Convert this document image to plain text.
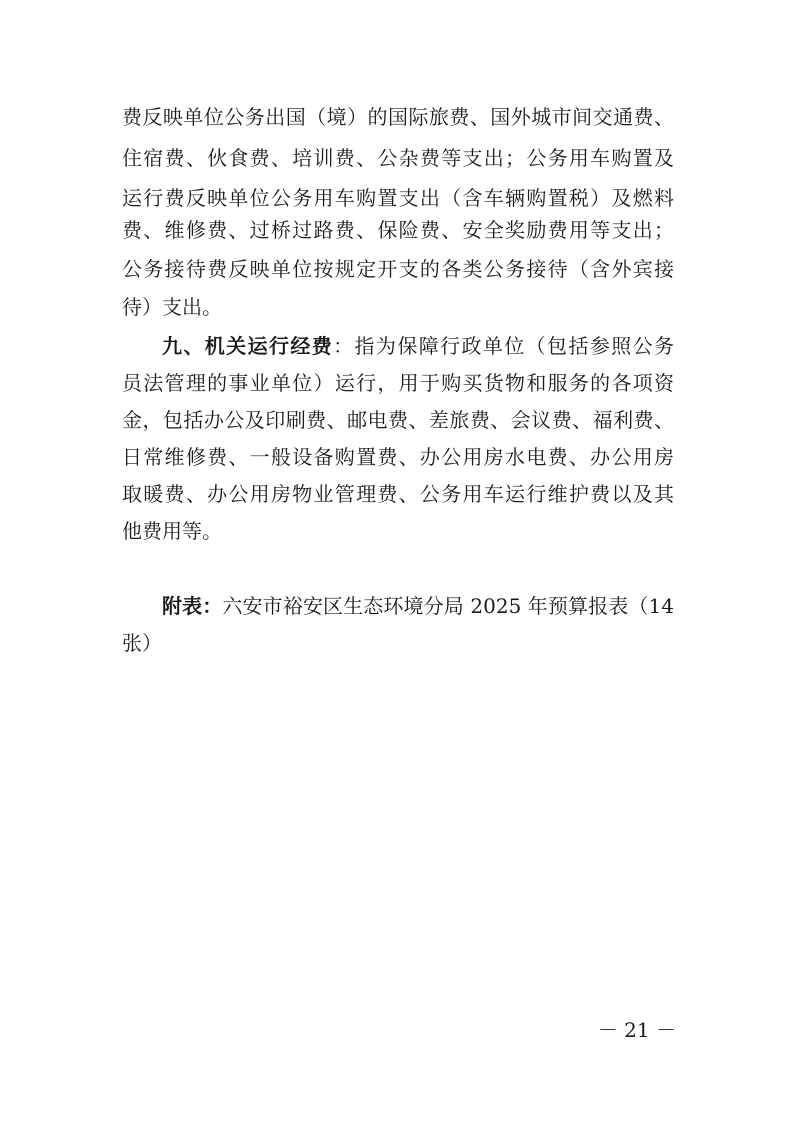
费反映单位公务出国（境）的国际旅费、国外城市间交通费、
住宿费、伙食费、培训费、公杂费等支出；公务用车购置及
运行费反映单位公务用车购置支出（含车辆购置税）及燃料
费、维修费、过桥过路费、保险费、安全奖励费用等支出；
公务接待费反映单位按规定开支的各类公务接待（含外宾接
待）支出。
九、机关运行经费：指为保障行政单位（包括参照公务
员法管理的事业单位）运行，用于购买货物和服务的各项资
金，包括办公及印刷费、邮电费、差旅费、会议费、福利费、
日常维修费、一般设备购置费、办公用房水电费、办公用房
取暖费、办公用房物业管理费、公务用车运行维护费以及其
他费用等。
附表：六安市裕安区生态环境分局 2025 年预算报表（14
张）
－ 21 －
